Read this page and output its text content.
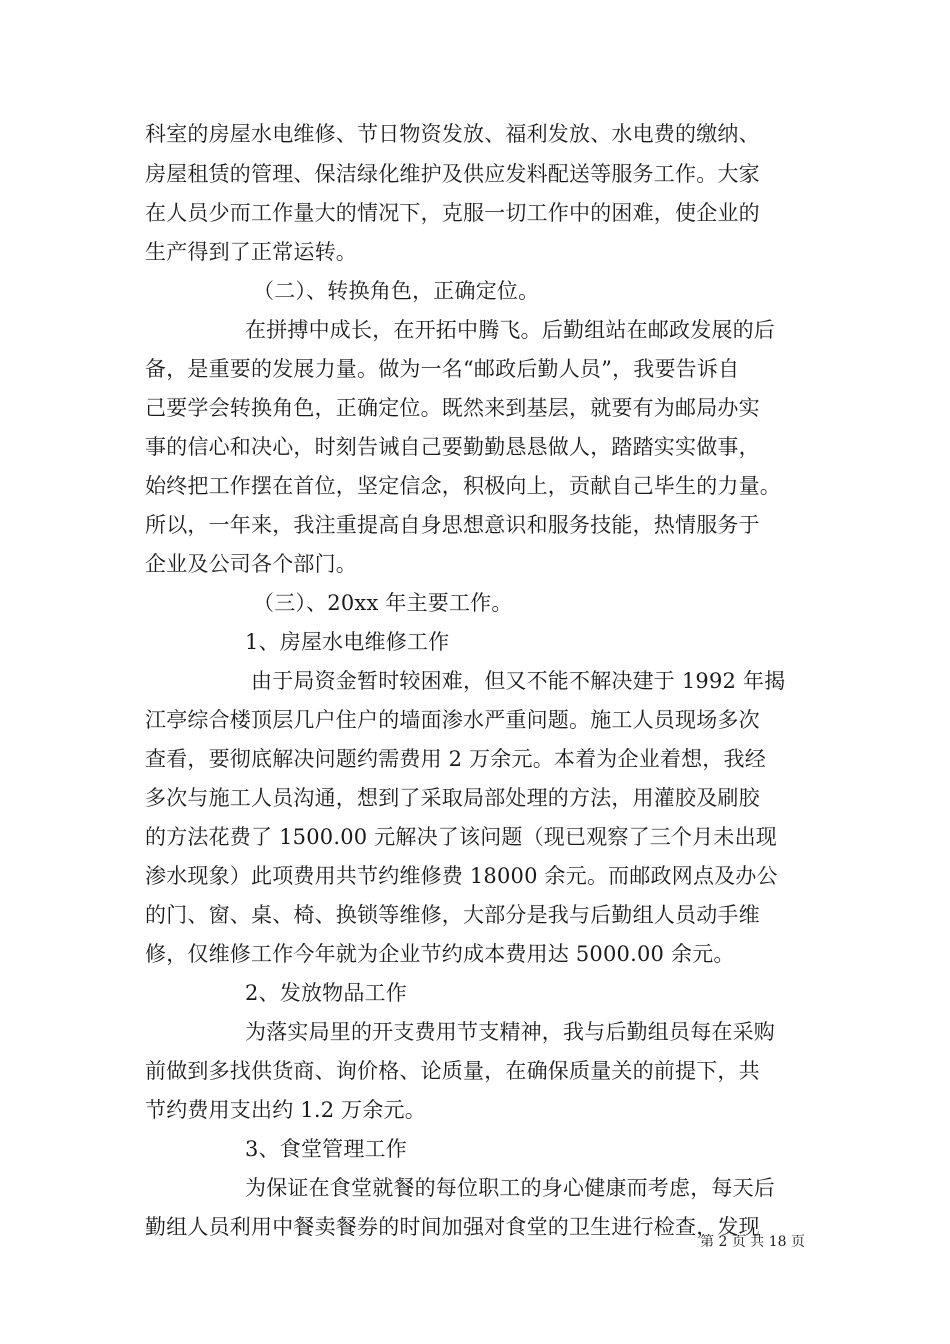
科室的房屋水电维修、节日物资发放、福利发放、水电费的缴纳、
房屋租赁的管理、保洁绿化维护及供应发料配送等服务工作。大家
在人员少而工作量大的情况下，克服一切工作中的困难，使企业的
生产得到了正常运转。
（二）、转换角色，正确定位。
在拼搏中成长，在开拓中腾飞。后勤组站在邮政发展的后
备，是重要的发展力量。做为一名“邮政后勤人员”，我要告诉自
己要学会转换角色，正确定位。既然来到基层，就要有为邮局办实
事的信心和决心，时刻告诫自己要勤勤恳恳做人，踏踏实实做事，
始终把工作摆在首位，坚定信念，积极向上，贡献自己毕生的力量。
所以，一年来，我注重提高自身思想意识和服务技能，热情服务于
企业及公司各个部门。
（三）、20xx 年主要工作。
1、房屋水电维修工作
由于局资金暂时较困难，但又不能不解决建于 1992 年揭
江亭综合楼顶层几户住户的墙面渗水严重问题。施工人员现场多次
查看，要彻底解决问题约需费用 2 万余元。本着为企业着想，我经
多次与施工人员沟通，想到了采取局部处理的方法，用灌胶及刷胶
的方法花费了 1500.00 元解决了该问题（现已观察了三个月未出现
渗水现象）此项费用共节约维修费 18000 余元。而邮政网点及办公
的门、窗、桌、椅、换锁等维修，大部分是我与后勤组人员动手维
修，仅维修工作今年就为企业节约成本费用达 5000.00 余元。
2、发放物品工作
为落实局里的开支费用节支精神，我与后勤组员每在采购
前做到多找供货商、询价格、论质量，在确保质量关的前提下，共
节约费用支出约 1.2 万余元。
3、食堂管理工作
为保证在食堂就餐的每位职工的身心健康而考虑，每天后
勤组人员利用中餐卖餐券的时间加强对食堂的卫生进行检查，发现
第 2 页 共 18 页
